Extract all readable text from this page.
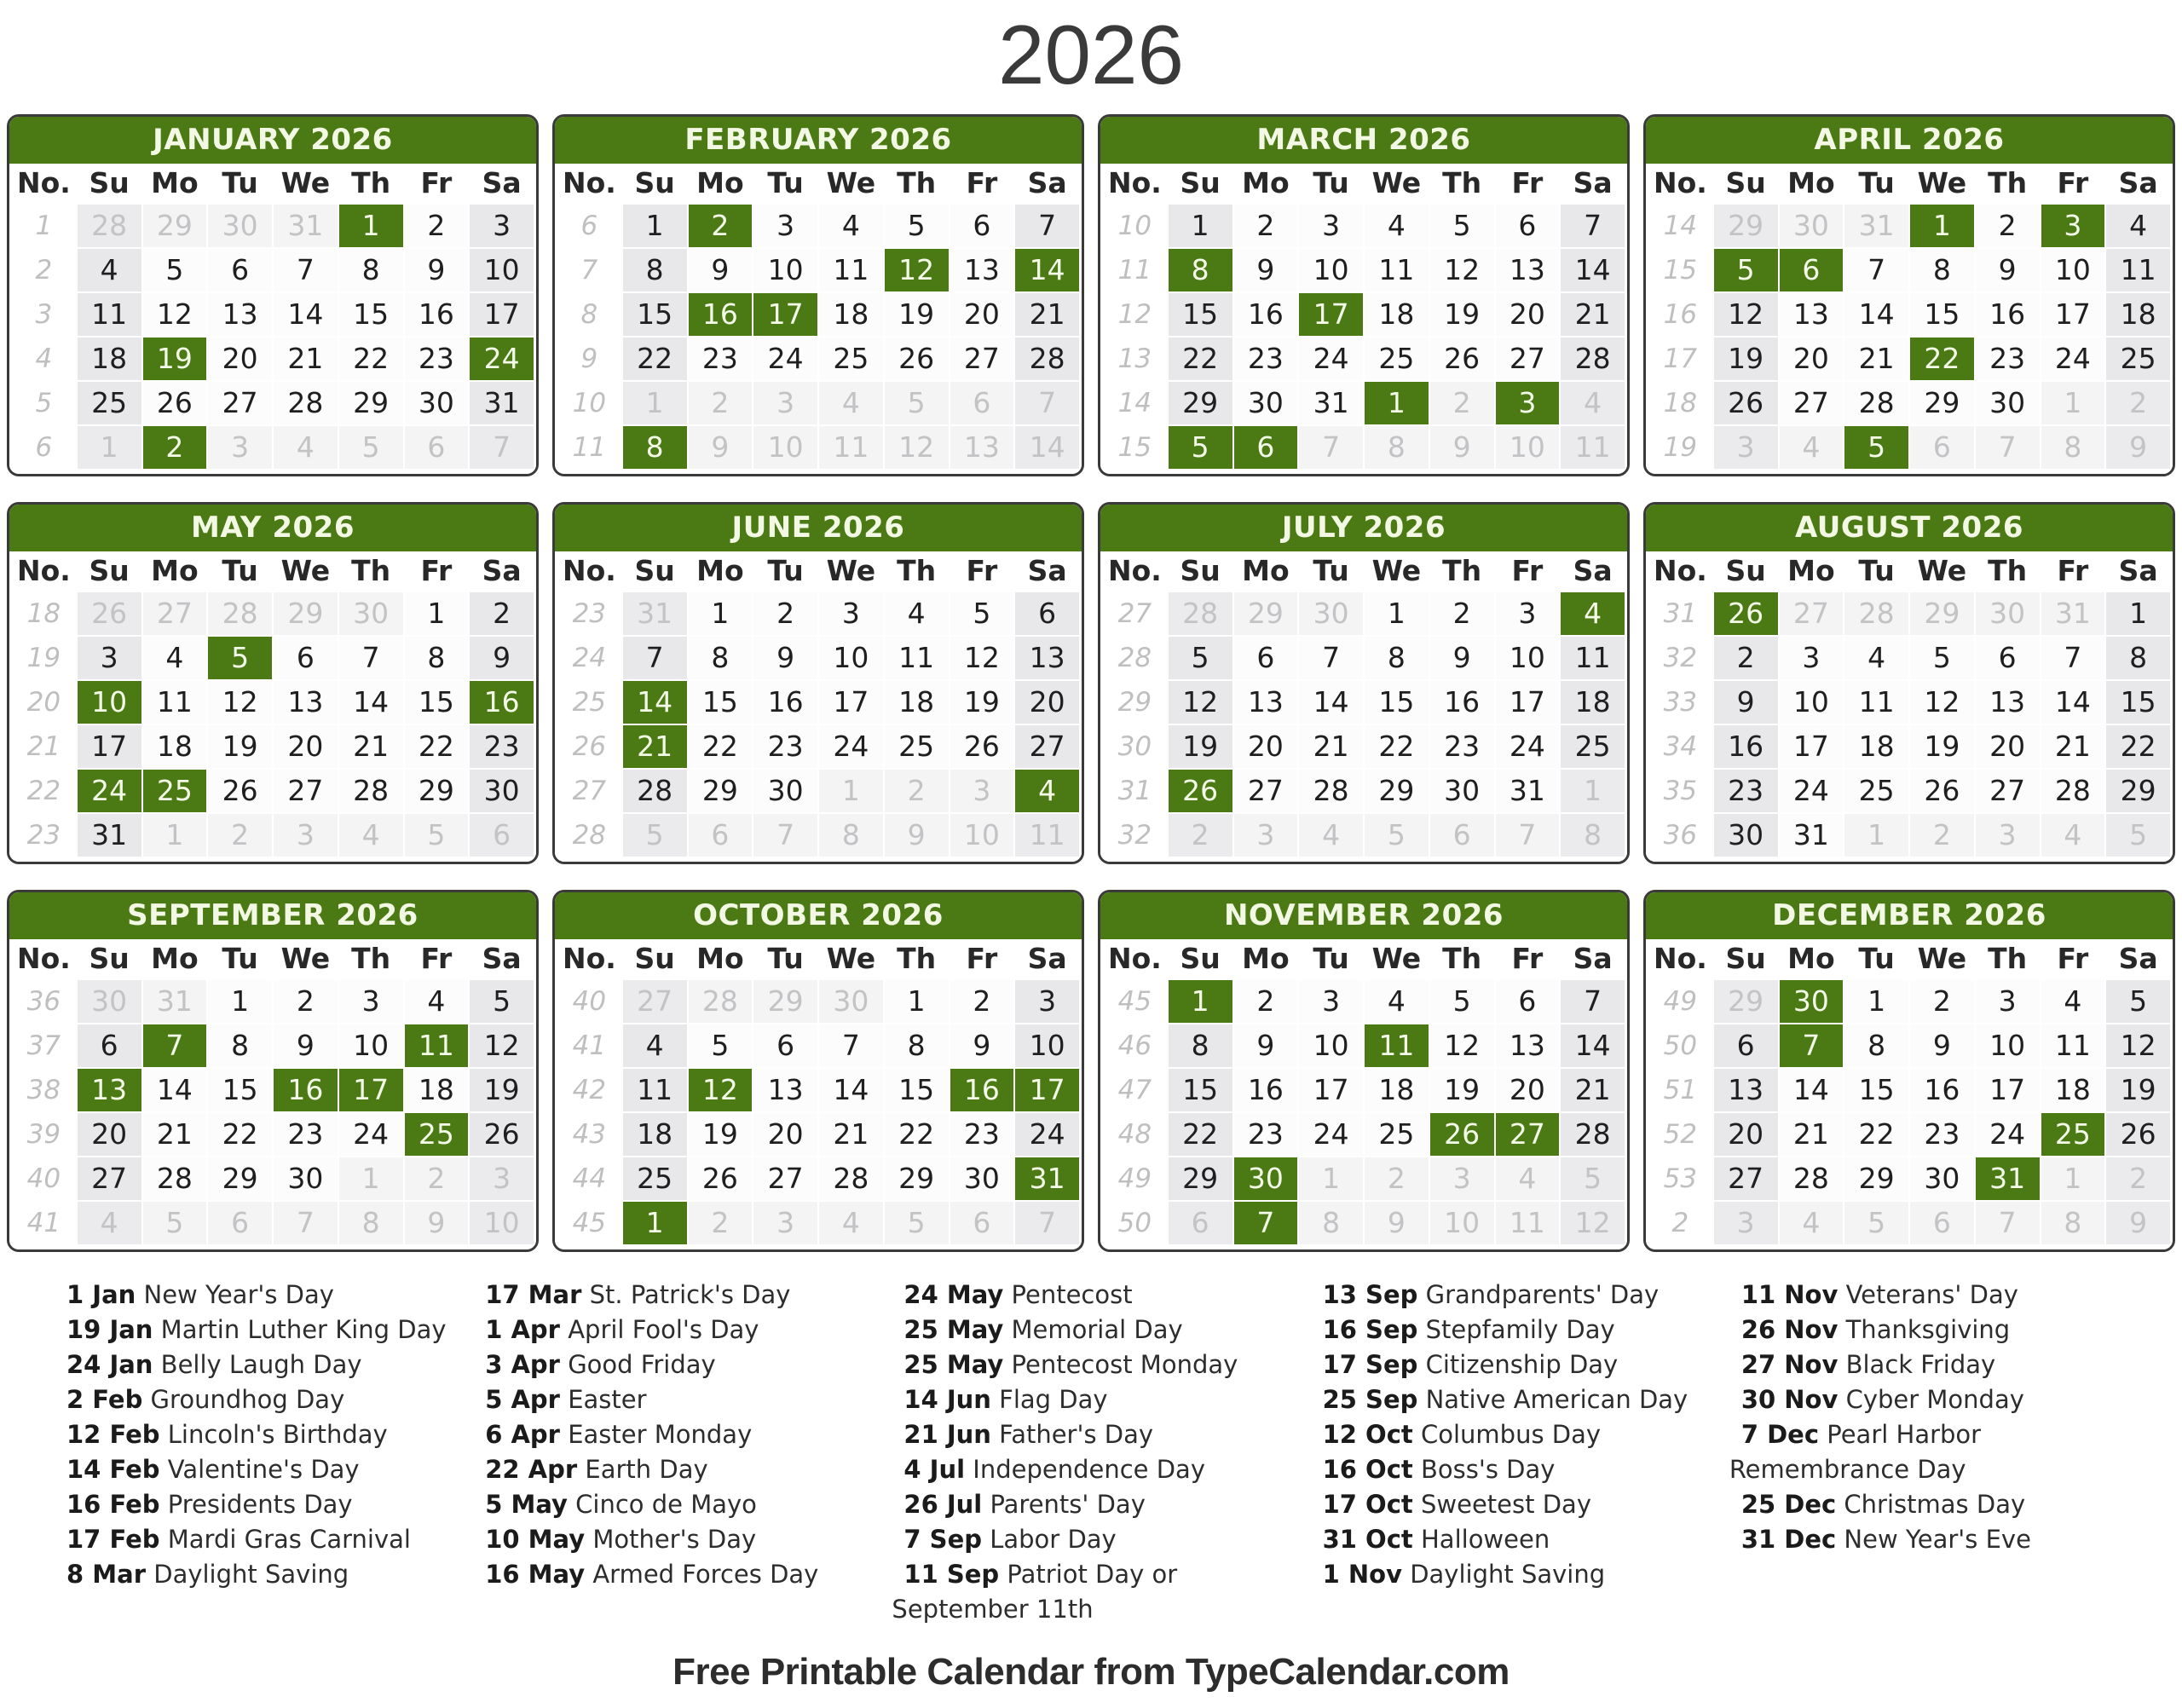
2026
JANUARY 2026
No. Su Mo Tu We Th	Fr	Sa
1	28	29	30	31	1	2	3
2	4	5	6	7	8	9	10
3	11	12	13	14	15	16	17
4	18	19	20	21	22	23	24
5	25	26	27	28	29	30	31
6	1	2	3	4	5	6	7
FEBRUARY 2026
No. Su Mo Tu We Th	Fr	Sa
6	1	2	3	4	5	6	7
7	8	9	10	11	12	13	14
8	15	16	17	18	19	20	21
9	22	23	24	25	26	27	28
10	1	2	3	4	5	6	7
11	8	9	10	11	12	13	14
MARCH 2026
No. Su Mo Tu We Th	Fr	Sa
10	1	2	3	4	5	6	7
11	8	9	10	11	12	13	14
12	15	16	17	18	19	20	21
13	22	23	24	25	26	27	28
14	29	30	31	1	2	3	4
15	5	6	7	8	9	10	11
APRIL 2026
No. Su Mo Tu We Th	Fr	Sa
14	29	30	31	1	2	3	4
15	5	6	7	8	9	10	11
16	12	13	14	15	16	17	18
17	19	20	21	22	23	24	25
18	26	27	28	29	30	1	2
19	3	4	5	6	7	8	9
MAY 2026
No. Su Mo Tu We Th	Fr	Sa
18	26	27	28	29	30	1	2
19	3	4	5	6	7	8	9
20	10	11	12	13	14	15	16
21	17	18	19	20	21	22	23
22	24	25	26	27	28	29	30
23	31	1	2	3	4	5	6
JUNE 2026
No. Su Mo Tu We Th	Fr	Sa
23	31	1	2	3	4	5	6
24	7	8	9	10	11	12	13
25	14	15	16	17	18	19	20
26	21	22	23	24	25	26	27
27	28	29	30	1	2	3	4
28	5	6	7	8	9	10	11
JULY 2026
No. Su Mo Tu We Th	Fr	Sa
27	28	29	30	1	2	3	4
28	5	6	7	8	9	10	11
29	12	13	14	15	16	17	18
30	19	20	21	22	23	24	25
31	26	27	28	29	30	31	1
32	2	3	4	5	6	7	8
AUGUST 2026
No. Su Mo Tu We Th	Fr	Sa
31	26	27	28	29	30	31	1
32	2	3	4	5	6	7	8
33	9	10	11	12	13	14	15
34	16	17	18	19	20	21	22
35	23	24	25	26	27	28	29
36	30	31	1	2	3	4	5
SEPTEMBER 2026
No. Su Mo Tu We Th	Fr	Sa
36	30	31	1	2	3	4	5
37	6	7	8	9	10	11	12
38	13	14	15	16	17	18	19
39	20	21	22	23	24	25	26
40	27	28	29	30	1	2	3
41	4	5	6	7	8	9	10
OCTOBER 2026
No. Su Mo Tu We Th	Fr	Sa
40	27	28	29	30	1	2	3
41	4	5	6	7	8	9	10
42	11	12	13	14	15	16	17
43	18	19	20	21	22	23	24
44	25	26	27	28	29	30	31
45	1	2	3	4	5	6	7
NOVEMBER 2026
No. Su Mo Tu We Th	Fr	Sa
45	1	2	3	4	5	6	7
46	8	9	10	11	12	13	14
47	15	16	17	18	19	20	21
48	22	23	24	25	26	27	28
49	29	30	1	2	3	4	5
50	6	7	8	9	10	11	12
DECEMBER 2026
No. Su Mo Tu We Th	Fr	Sa
49	29	30	1	2	3	4	5
50	6	7	8	9	10	11	12
51	13	14	15	16	17	18	19
52	20	21	22	23	24	25	26
53	27	28	29	30	31	1	2
2	3	4	5	6	7	8	9

1 Jan New Year's Day

19 Jan Martin Luther King Day

24 Jan Belly Laugh Day

2 Feb Groundhog Day

12 Feb Lincoln's Birthday

14 Feb Valentine's Day

16 Feb Presidents Day

17 Feb Mardi Gras Carnival

8 Mar Daylight Saving

17 Mar St. Patrick's Day

1 Apr April Fool's Day

3 Apr Good Friday

5 Apr Easter

6 Apr Easter Monday

22 Apr Earth Day

5 May Cinco de Mayo

10 May Mother's Day

16 May Armed Forces Day

24 May Pentecost

25 May Memorial Day

25 May Pentecost Monday

14 Jun Flag Day

21 Jun Father's Day

4 Jul Independence Day

26 Jul Parents' Day

7 Sep Labor Day

11 Sep Patriot Day or September 11th

13 Sep Grandparents' Day

16 Sep Stepfamily Day

17 Sep Citizenship Day

25 Sep Native American Day

12 Oct Columbus Day

16 Oct Boss's Day

17 Oct Sweetest Day

31 Oct Halloween

1 Nov Daylight Saving

11 Nov Veterans' Day

26 Nov Thanksgiving

27 Nov Black Friday

30 Nov Cyber Monday

7 Dec Pearl Harbor Remembrance Day

25 Dec Christmas Day

31 Dec New Year's Eve

Free Printable Calendar from TypeCalendar.com
